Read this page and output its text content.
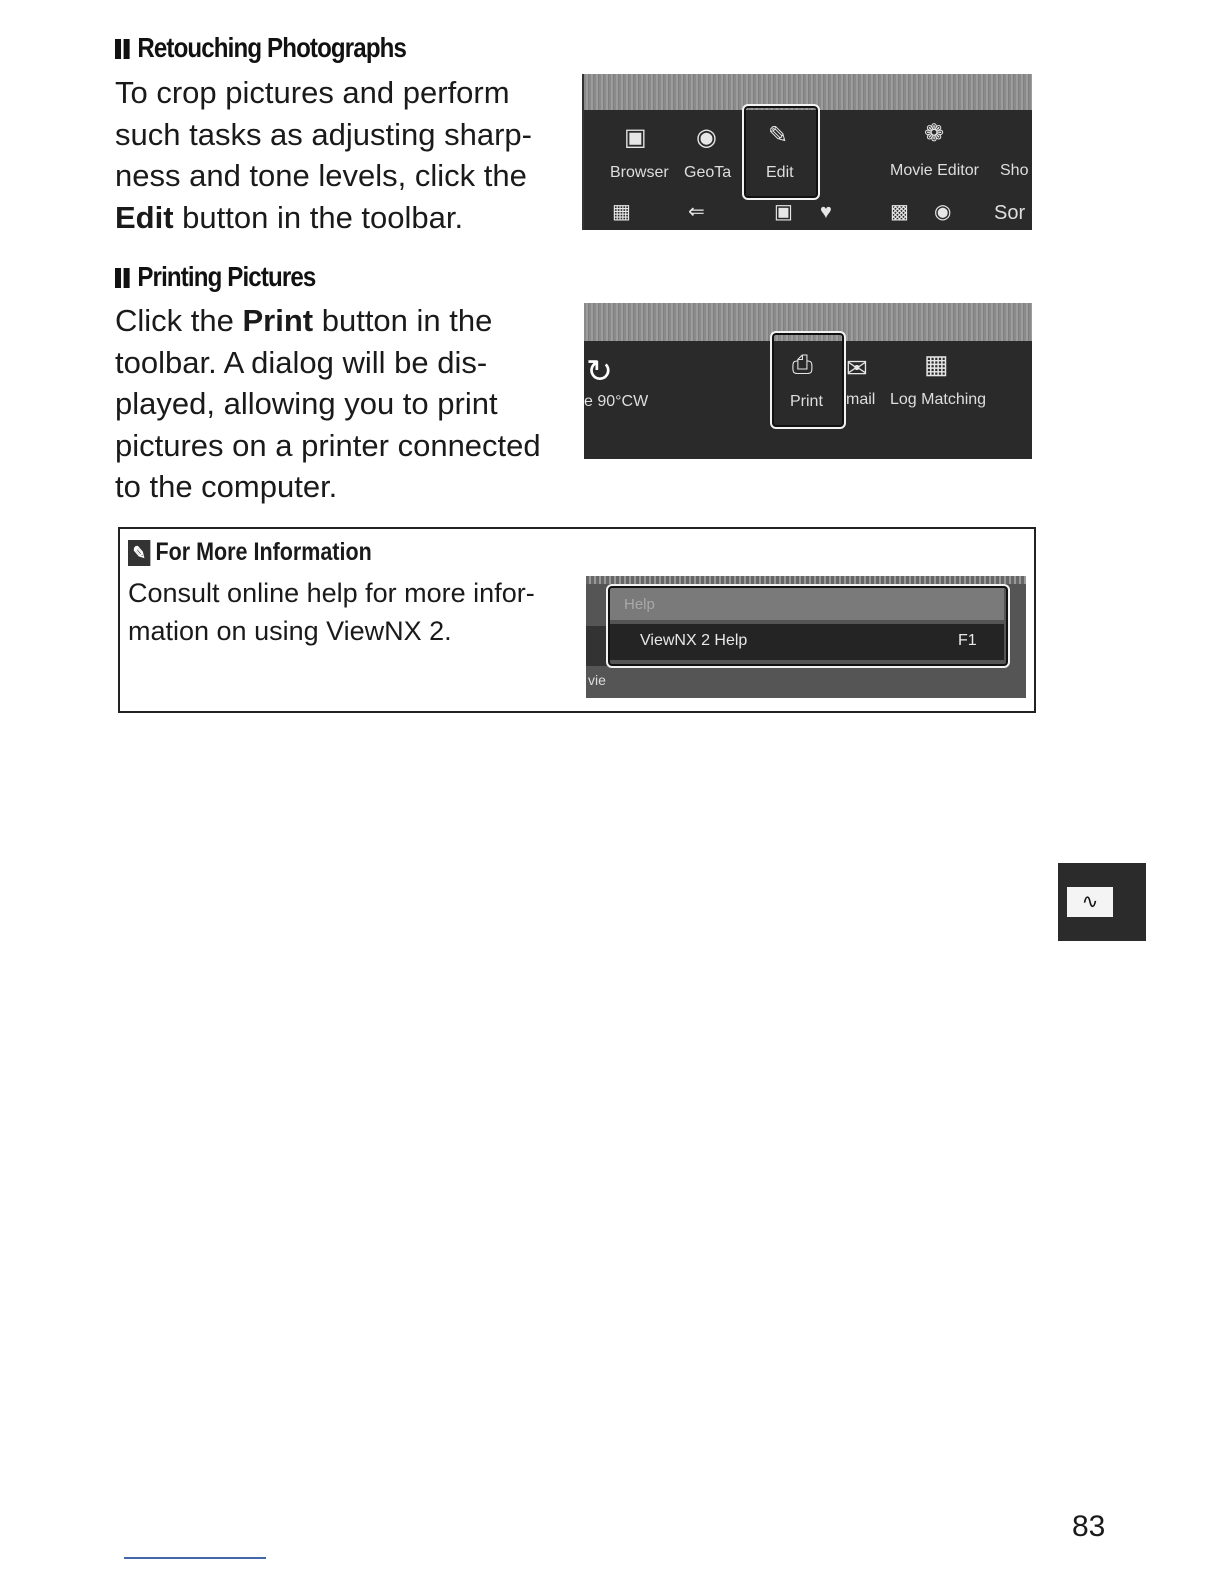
Retouching Photographs
To crop pictures and perform
such tasks as adjusting sharp-
ness and tone levels, click the
Edit button in the toolbar.
▣ ◉ ✎	❁
Browser GeoTa Edit	Movie Editor Sho
▦	⇐	▣ ♥	▩ ◉ Sor
Printing Pictures
Click the Print button in the
toolbar. A dialog will be dis-
played, allowing you to print
pictures on a printer connected
to the computer.
↻
e 90°CW
⎙
Print
✉
mail
▦
Log Matching
✎ For More Information
Consult online help for more infor-
mation on using ViewNX 2.
vie
Help
ViewNX 2 Help	F1
∿
83
